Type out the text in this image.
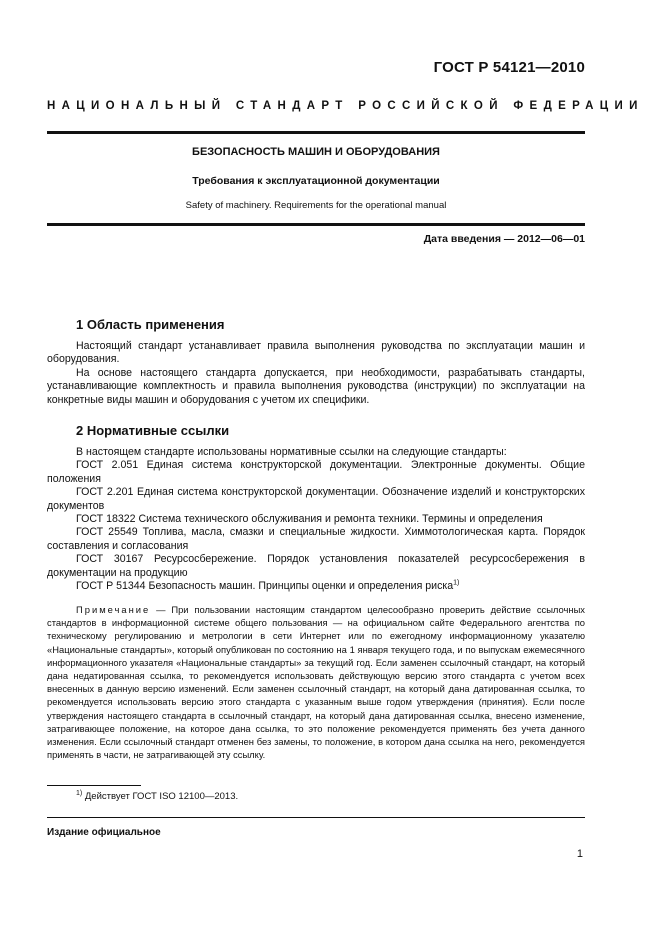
ГОСТ Р 54121—2010
НАЦИОНАЛЬНЫЙ СТАНДАРТ РОССИЙСКОЙ ФЕДЕРАЦИИ
БЕЗОПАСНОСТЬ МАШИН И ОБОРУДОВАНИЯ
Требования к эксплуатационной документации
Safety of machinery. Requirements for the operational manual
Дата введения — 2012—06—01
1 Область применения

Настоящий стандарт устанавливает правила выполнения руководства по эксплуатации машин и оборудования.

На основе настоящего стандарта допускается, при необходимости, разрабатывать стандарты, устанавливающие комплектность и правила выполнения руководства (инструкции) по эксплуатации на конкретные виды машин и оборудования с учетом их специфики.

2 Нормативные ссылки

В настоящем стандарте использованы нормативные ссылки на следующие стандарты:

ГОСТ 2.051 Единая система конструкторской документации. Электронные документы. Общие положения

ГОСТ 2.201 Единая система конструкторской документации. Обозначение изделий и конструкторских документов

ГОСТ 18322 Система технического обслуживания и ремонта техники. Термины и определения

ГОСТ 25549 Топлива, масла, смазки и специальные жидкости. Химмотологическая карта. Порядок составления и согласования

ГОСТ 30167 Ресурсосбережение. Порядок установления показателей ресурсосбережения в документации на продукцию

ГОСТ Р 51344 Безопасность машин. Принципы оценки и определения риска$^{1)}$

Примечание — При пользовании настоящим стандартом целесообразно проверить действие ссылочных стандартов в информационной системе общего пользования — на официальном сайте Федерального агентства по техническому регулированию и метрологии в сети Интернет или по ежегодному информационному указателю «Национальные стандарты», который опубликован по состоянию на 1 января текущего года, и по выпускам ежемесячного информационного указателя «Национальные стандарты» за текущий год. Если заменен ссылочный стандарт, на который дана недатированная ссылка, то рекомендуется использовать действующую версию этого стандарта с учетом всех внесенных в данную версию изменений. Если заменен ссылочный стандарт, на который дана датированная ссылка, то рекомендуется использовать версию этого стандарта с указанным выше годом утверждения (принятия). Если после утверждения настоящего стандарта в ссылочный стандарт, на который дана датированная ссылка, внесено изменение, затрагивающее положение, на которое дана ссылка, то это положение рекомендуется применять без учета данного изменения. Если ссылочный стандарт отменен без замены, то положение, в котором дана ссылка на него, рекомендуется применять в части, не затрагивающей эту ссылку.

$^{1)}$ Действует ГОСТ ISO 12100—2013.
Издание официальное
1
